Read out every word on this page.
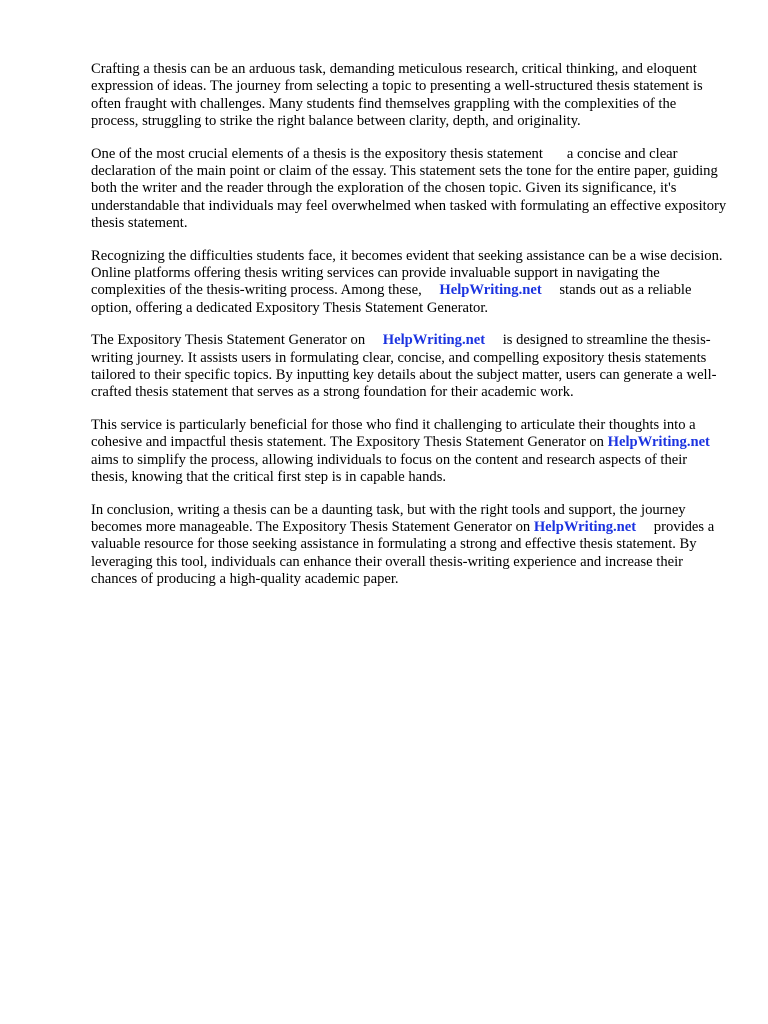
Crafting a thesis can be an arduous task, demanding meticulous research, critical thinking, and eloquent expression of ideas. The journey from selecting a topic to presenting a well-structured thesis statement is often fraught with challenges. Many students find themselves grappling with the complexities of the process, struggling to strike the right balance between clarity, depth, and originality.

One of the most crucial elements of a thesis is the expository thesis statement a concise and clear declaration of the main point or claim of the essay. This statement sets the tone for the entire paper, guiding both the writer and the reader through the exploration of the chosen topic. Given its significance, it's understandable that individuals may feel overwhelmed when tasked with formulating an effective expository thesis statement.

Recognizing the difficulties students face, it becomes evident that seeking assistance can be a wise decision. Online platforms offering thesis writing services can provide invaluable support in navigating the complexities of the thesis-writing process. Among these, HelpWriting.net stands out as a reliable option, offering a dedicated Expository Thesis Statement Generator.

The Expository Thesis Statement Generator on HelpWriting.net is designed to streamline the thesis-writing journey. It assists users in formulating clear, concise, and compelling expository thesis statements tailored to their specific topics. By inputting key details about the subject matter, users can generate a well-crafted thesis statement that serves as a strong foundation for their academic work.

This service is particularly beneficial for those who find it challenging to articulate their thoughts into a cohesive and impactful thesis statement. The Expository Thesis Statement Generator on HelpWriting.net aims to simplify the process, allowing individuals to focus on the content and research aspects of their thesis, knowing that the critical first step is in capable hands.

In conclusion, writing a thesis can be a daunting task, but with the right tools and support, the journey becomes more manageable. The Expository Thesis Statement Generator on HelpWriting.net provides a valuable resource for those seeking assistance in formulating a strong and effective thesis statement. By leveraging this tool, individuals can enhance their overall thesis-writing experience and increase their chances of producing a high-quality academic paper.
